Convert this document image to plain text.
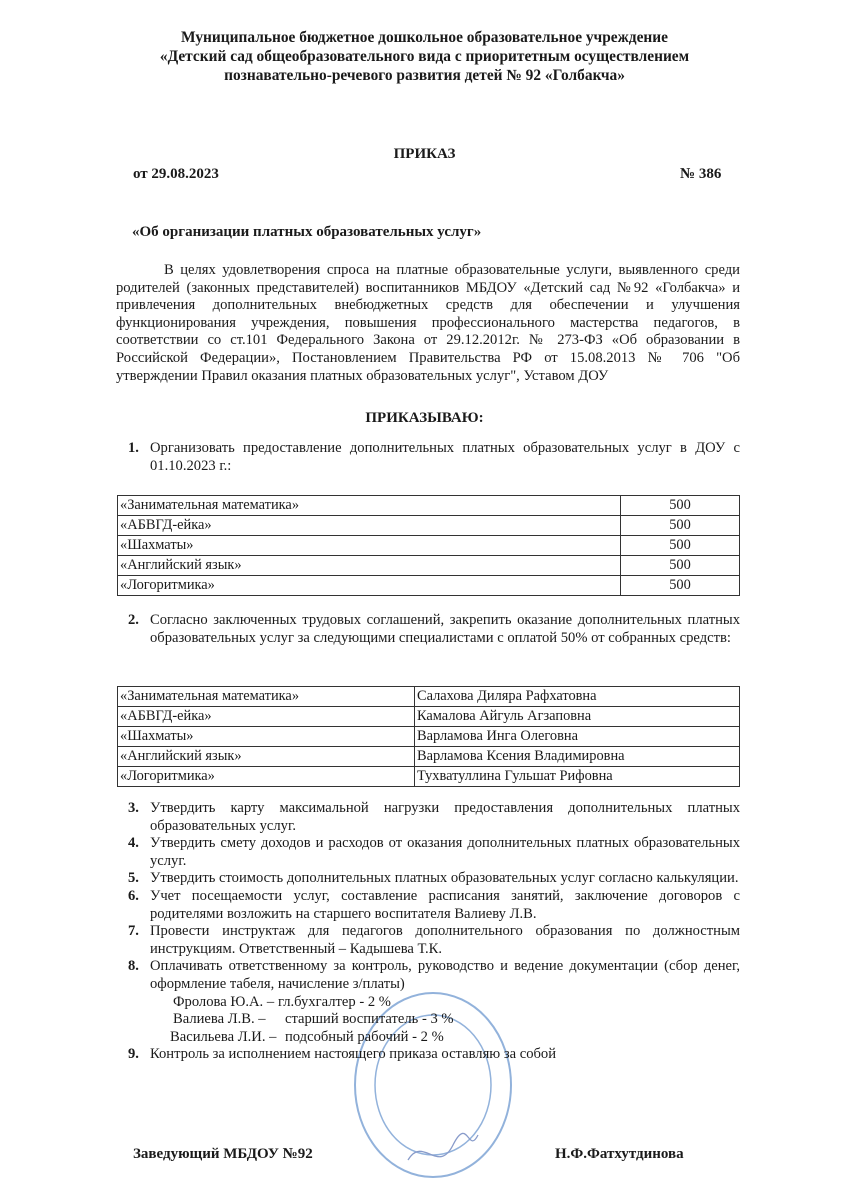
Муниципальное бюджетное дошкольное образовательное учреждение
«Детский сад общеобразовательного вида с приоритетным осуществлением
познавательно-речевого развития детей № 92 «Голбакча»
ПРИКАЗ
от 29.08.2023	№ 386
«Об организации платных образовательных услуг»
В целях удовлетворения спроса на платные образовательные услуги, выявленного среди родителей (законных представителей) воспитанников МБДОУ «Детский сад №92 «Голбакча» и привлечения дополнительных внебюджетных средств для обеспечении и улучшения функционирования учреждения, повышения профессионального мастерства педагогов, в соответствии со ст.101 Федерального Закона от 29.12.2012г. № 273-ФЗ «Об образовании в Российской Федерации», Постановлением Правительства РФ от 15.08.2013 № 706 "Об утверждении Правил оказания платных образовательных услуг", Уставом ДОУ
ПРИКАЗЫВАЮ:
1. Организовать предоставление дополнительных платных образовательных услуг в ДОУ с 01.10.2023 г.:
«Занимательная математика»	500
«АБВГД-ейка»	500
«Шахматы»	500
«Английский язык»	500
«Логоритмика»	500
2. Согласно заключенных трудовых соглашений, закрепить оказание дополнительных платных образовательных услуг за следующими специалистами с оплатой 50% от собранных средств:
«Занимательная математика»	Салахова Диляра Рафхатовна
«АБВГД-ейка»	Камалова Айгуль Агзаповна
«Шахматы»	Варламова Инга Олеговна
«Английский язык»	Варламова Ксения Владимировна
«Логоритмика»	Тухватуллина Гульшат Рифовна
3. Утвердить карту максимальной нагрузки предоставления дополнительных платных образовательных услуг.
4. Утвердить смету доходов и расходов от оказания дополнительных платных образовательных услуг.
5. Утвердить стоимость дополнительных платных образовательных услуг согласно калькуляции.
6. Учет посещаемости услуг, составление расписания занятий, заключение договоров с родителями возложить на старшего воспитателя Валиеву Л.В.
7. Провести инструктаж для педагогов дополнительного образования по должностным инструкциям. Ответственный – Кадышева Т.К.
8. Оплачивать ответственному за контроль, руководство и ведение документации (сбор денег, оформление табеля, начисление з/платы)
Фролова Ю.А. – гл.бухгалтер - 2 %
Валиева Л.В. – старший воспитатель - 3 %
Васильева Л.И. – подсобный рабочий - 2 %
9. Контроль за исполнением настоящего приказа оставляю за собой
Заведующий МБДОУ №92	Н.Ф.Фатхутдинова
